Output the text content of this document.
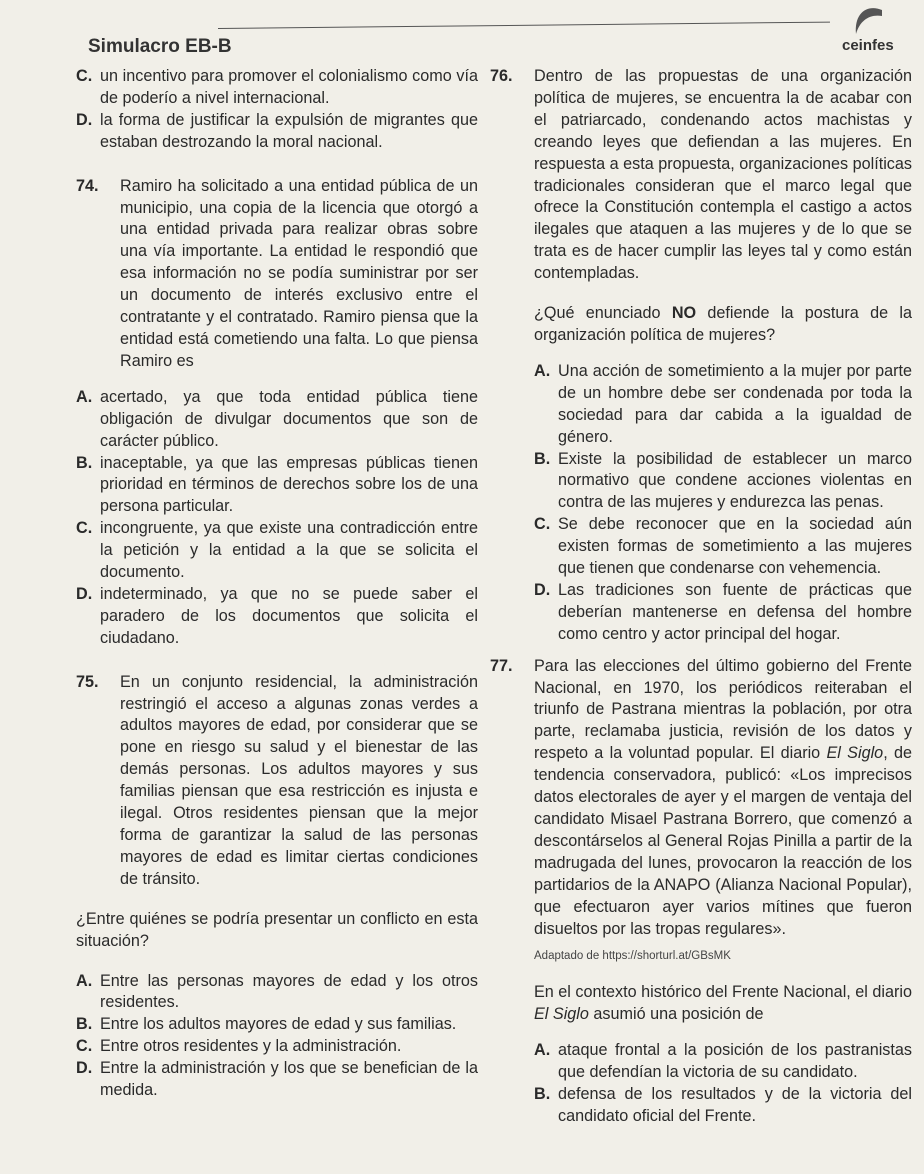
Simulacro EB-B	ceinfes
C. un incentivo para promover el colonialismo como vía de poderío a nivel internacional.
D. la forma de justificar la expulsión de migrantes que estaban destrozando la moral nacional.
74.	Ramiro ha solicitado a una entidad pública de un municipio, una copia de la licencia que otorgó a una entidad privada para realizar obras sobre una vía importante. La entidad le respondió que esa información no se podía suministrar por ser un documento de interés exclusivo entre el contratante y el contratado. Ramiro piensa que la entidad está cometiendo una falta. Lo que piensa Ramiro es
A. acertado, ya que toda entidad pública tiene obligación de divulgar documentos que son de carácter público.
B. inaceptable, ya que las empresas públicas tienen prioridad en términos de derechos sobre los de una persona particular.
C. incongruente, ya que existe una contradicción entre la petición y la entidad a la que se solicita el documento.
D. indeterminado, ya que no se puede saber el paradero de los documentos que solicita el ciudadano.
75.	En un conjunto residencial, la administración restringió el acceso a algunas zonas verdes a adultos mayores de edad, por considerar que se pone en riesgo su salud y el bienestar de las demás personas. Los adultos mayores y sus familias piensan que esa restricción es injusta e ilegal. Otros residentes piensan que la mejor forma de garantizar la salud de las personas mayores de edad es limitar ciertas condiciones de tránsito.

¿Entre quiénes se podría presentar un conflicto en esta situación?

A. Entre las personas mayores de edad y los otros residentes.
B. Entre los adultos mayores de edad y sus familias.
C. Entre otros residentes y la administración.
D. Entre la administración y los que se benefician de la medida.
76.	Dentro de las propuestas de una organización política de mujeres, se encuentra la de acabar con el patriarcado, condenando actos machistas y creando leyes que defiendan a las mujeres. En respuesta a esta propuesta, organizaciones políticas tradicionales consideran que el marco legal que ofrece la Constitución contempla el castigo a actos ilegales que ataquen a las mujeres y de lo que se trata es de hacer cumplir las leyes tal y como están contempladas.

¿Qué enunciado NO defiende la postura de la organización política de mujeres?

A. Una acción de sometimiento a la mujer por parte de un hombre debe ser condenada por toda la sociedad para dar cabida a la igualdad de género.
B. Existe la posibilidad de establecer un marco normativo que condene acciones violentas en contra de las mujeres y endurezca las penas.
C. Se debe reconocer que en la sociedad aún existen formas de sometimiento a las mujeres que tienen que condenarse con vehemencia.
D. Las tradiciones son fuente de prácticas que deberían mantenerse en defensa del hombre como centro y actor principal del hogar.
77.	Para las elecciones del último gobierno del Frente Nacional, en 1970, los periódicos reiteraban el triunfo de Pastrana mientras la población, por otra parte, reclamaba justicia, revisión de los datos y respeto a la voluntad popular. El diario El Siglo, de tendencia conservadora, publicó: «Los imprecisos datos electorales de ayer y el margen de ventaja del candidato Misael Pastrana Borrero, que comenzó a descontárselos al General Rojas Pinilla a partir de la madrugada del lunes, provocaron la reacción de los partidarios de la ANAPO (Alianza Nacional Popular), que efectuaron ayer varios mítines que fueron disueltos por las tropas regulares».
Adaptado de https://shorturl.at/GBsMK

En el contexto histórico del Frente Nacional, el diario El Siglo asumió una posición de

A. ataque frontal a la posición de los pastranistas que defendían la victoria de su candidato.
B. defensa de los resultados y de la victoria del candidato oficial del Frente.
